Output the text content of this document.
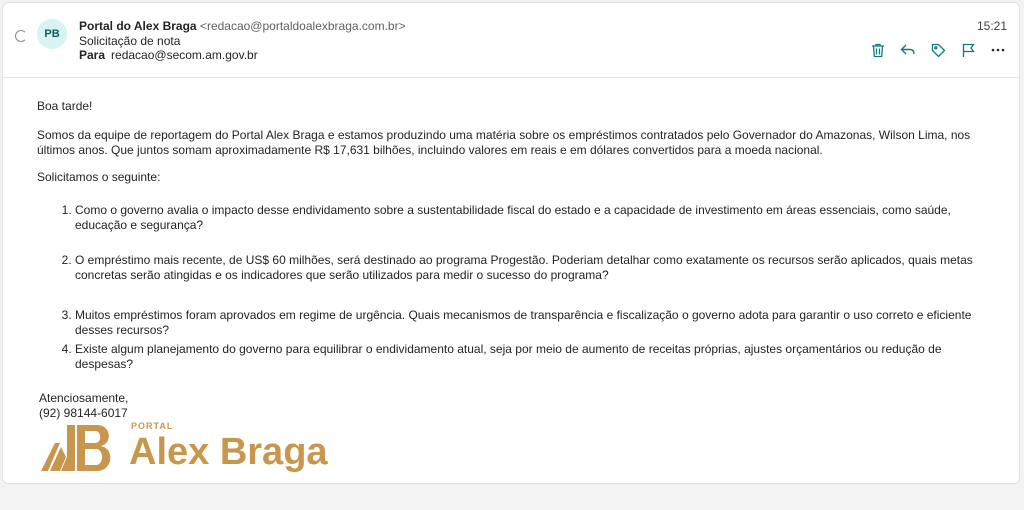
PB
Portal do Alex Braga <redacao@portaldoalexbraga.com.br>
Solicitação de nota
Para redacao@secom.am.gov.br
15:21

Boa tarde!

Somos da equipe de reportagem do Portal Alex Braga e estamos produzindo uma matéria sobre os empréstimos contratados pelo Governador do Amazonas, Wilson Lima, nos últimos anos. Que juntos somam aproximadamente R$ 17,631 bilhões, incluindo valores em reais e em dólares convertidos para a moeda nacional.

Solicitamos o seguinte:

1. Como o governo avalia o impacto desse endividamento sobre a sustentabilidade fiscal do estado e a capacidade de investimento em áreas essenciais, como saúde, educação e segurança?
2. O empréstimo mais recente, de US$ 60 milhões, será destinado ao programa Progestão. Poderiam detalhar como exatamente os recursos serão aplicados, quais metas concretas serão atingidas e os indicadores que serão utilizados para medir o sucesso do programa?
3. Muitos empréstimos foram aprovados em regime de urgência. Quais mecanismos de transparência e fiscalização o governo adota para garantir o uso correto e eficiente desses recursos?
4. Existe algum planejamento do governo para equilibrar o endividamento atual, seja por meio de aumento de receitas próprias, ajustes orçamentários ou redução de despesas?
Atenciosamente,
(92) 98144-6017
PORTAL
Alex Braga
